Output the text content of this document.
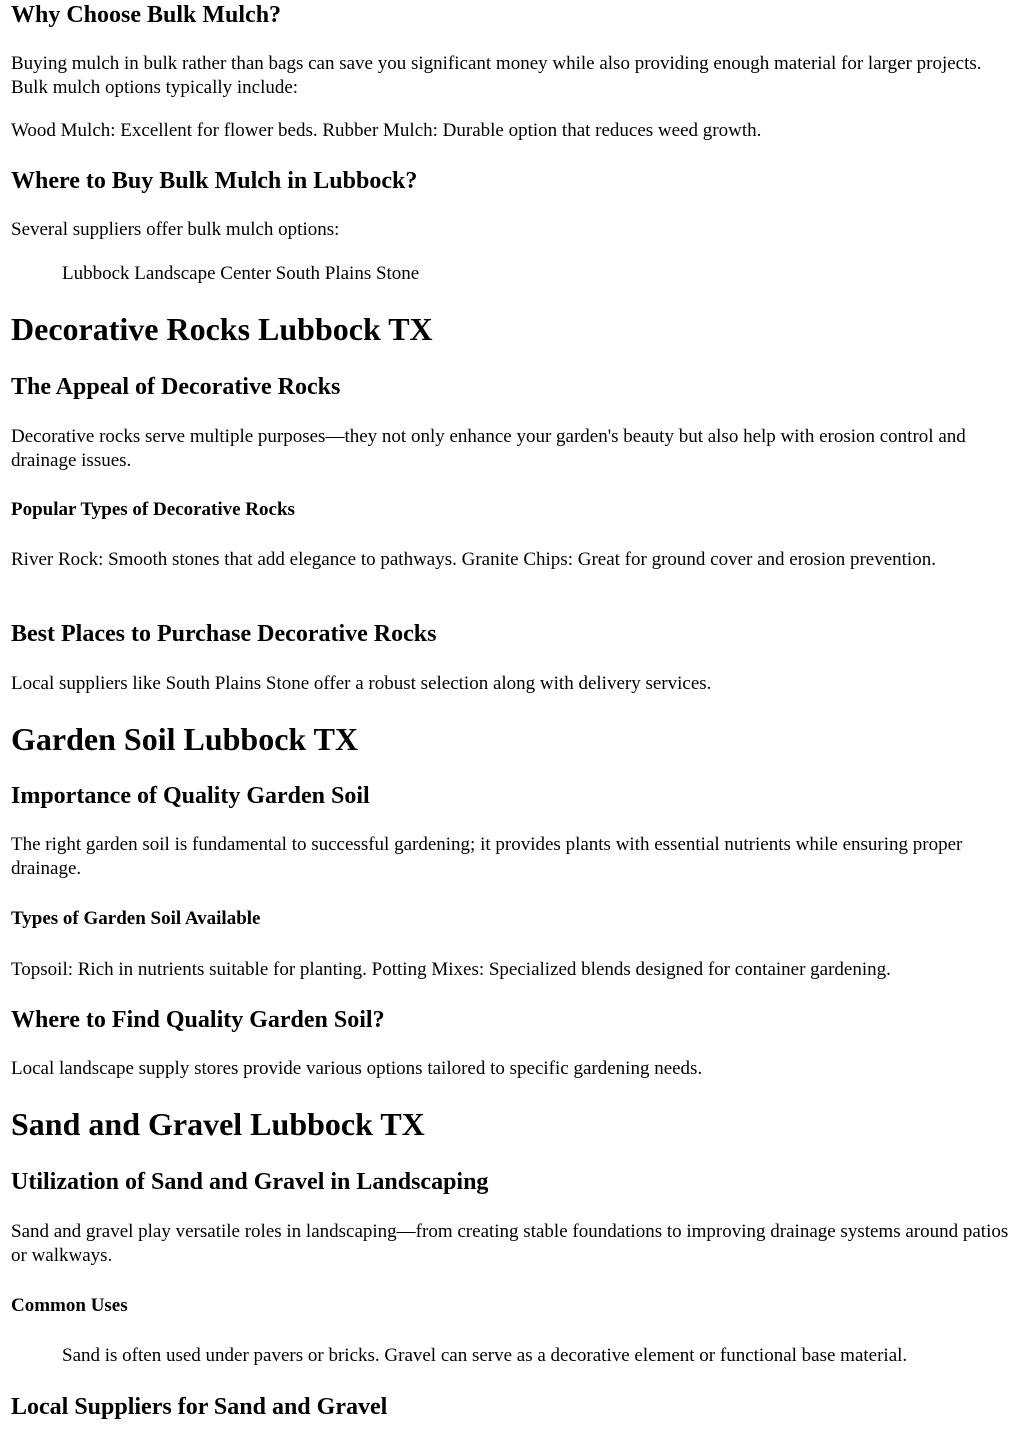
Why Choose Bulk Mulch?

Buying mulch in bulk rather than bags can save you significant money while also providing enough material for larger projects. Bulk mulch options typically include:

Wood Mulch: Excellent for flower beds. Rubber Mulch: Durable option that reduces weed growth.

Where to Buy Bulk Mulch in Lubbock?

Several suppliers offer bulk mulch options:

Lubbock Landscape Center South Plains Stone

Decorative Rocks Lubbock TX
The Appeal of Decorative Rocks

Decorative rocks serve multiple purposes—they not only enhance your garden's beauty but also help with erosion control and drainage issues.

Popular Types of Decorative Rocks

River Rock: Smooth stones that add elegance to pathways. Granite Chips: Great for ground cover and erosion prevention.

Best Places to Purchase Decorative Rocks

Local suppliers like South Plains Stone offer a robust selection along with delivery services.

Garden Soil Lubbock TX
Importance of Quality Garden Soil

The right garden soil is fundamental to successful gardening; it provides plants with essential nutrients while ensuring proper drainage.

Types of Garden Soil Available

Topsoil: Rich in nutrients suitable for planting. Potting Mixes: Specialized blends designed for container gardening.

Where to Find Quality Garden Soil?

Local landscape supply stores provide various options tailored to specific gardening needs.

Sand and Gravel Lubbock TX
Utilization of Sand and Gravel in Landscaping

Sand and gravel play versatile roles in landscaping—from creating stable foundations to improving drainage systems around patios or walkways.

Common Uses

Sand is often used under pavers or bricks. Gravel can serve as a decorative element or functional base material.

Local Suppliers for Sand and Gravel
